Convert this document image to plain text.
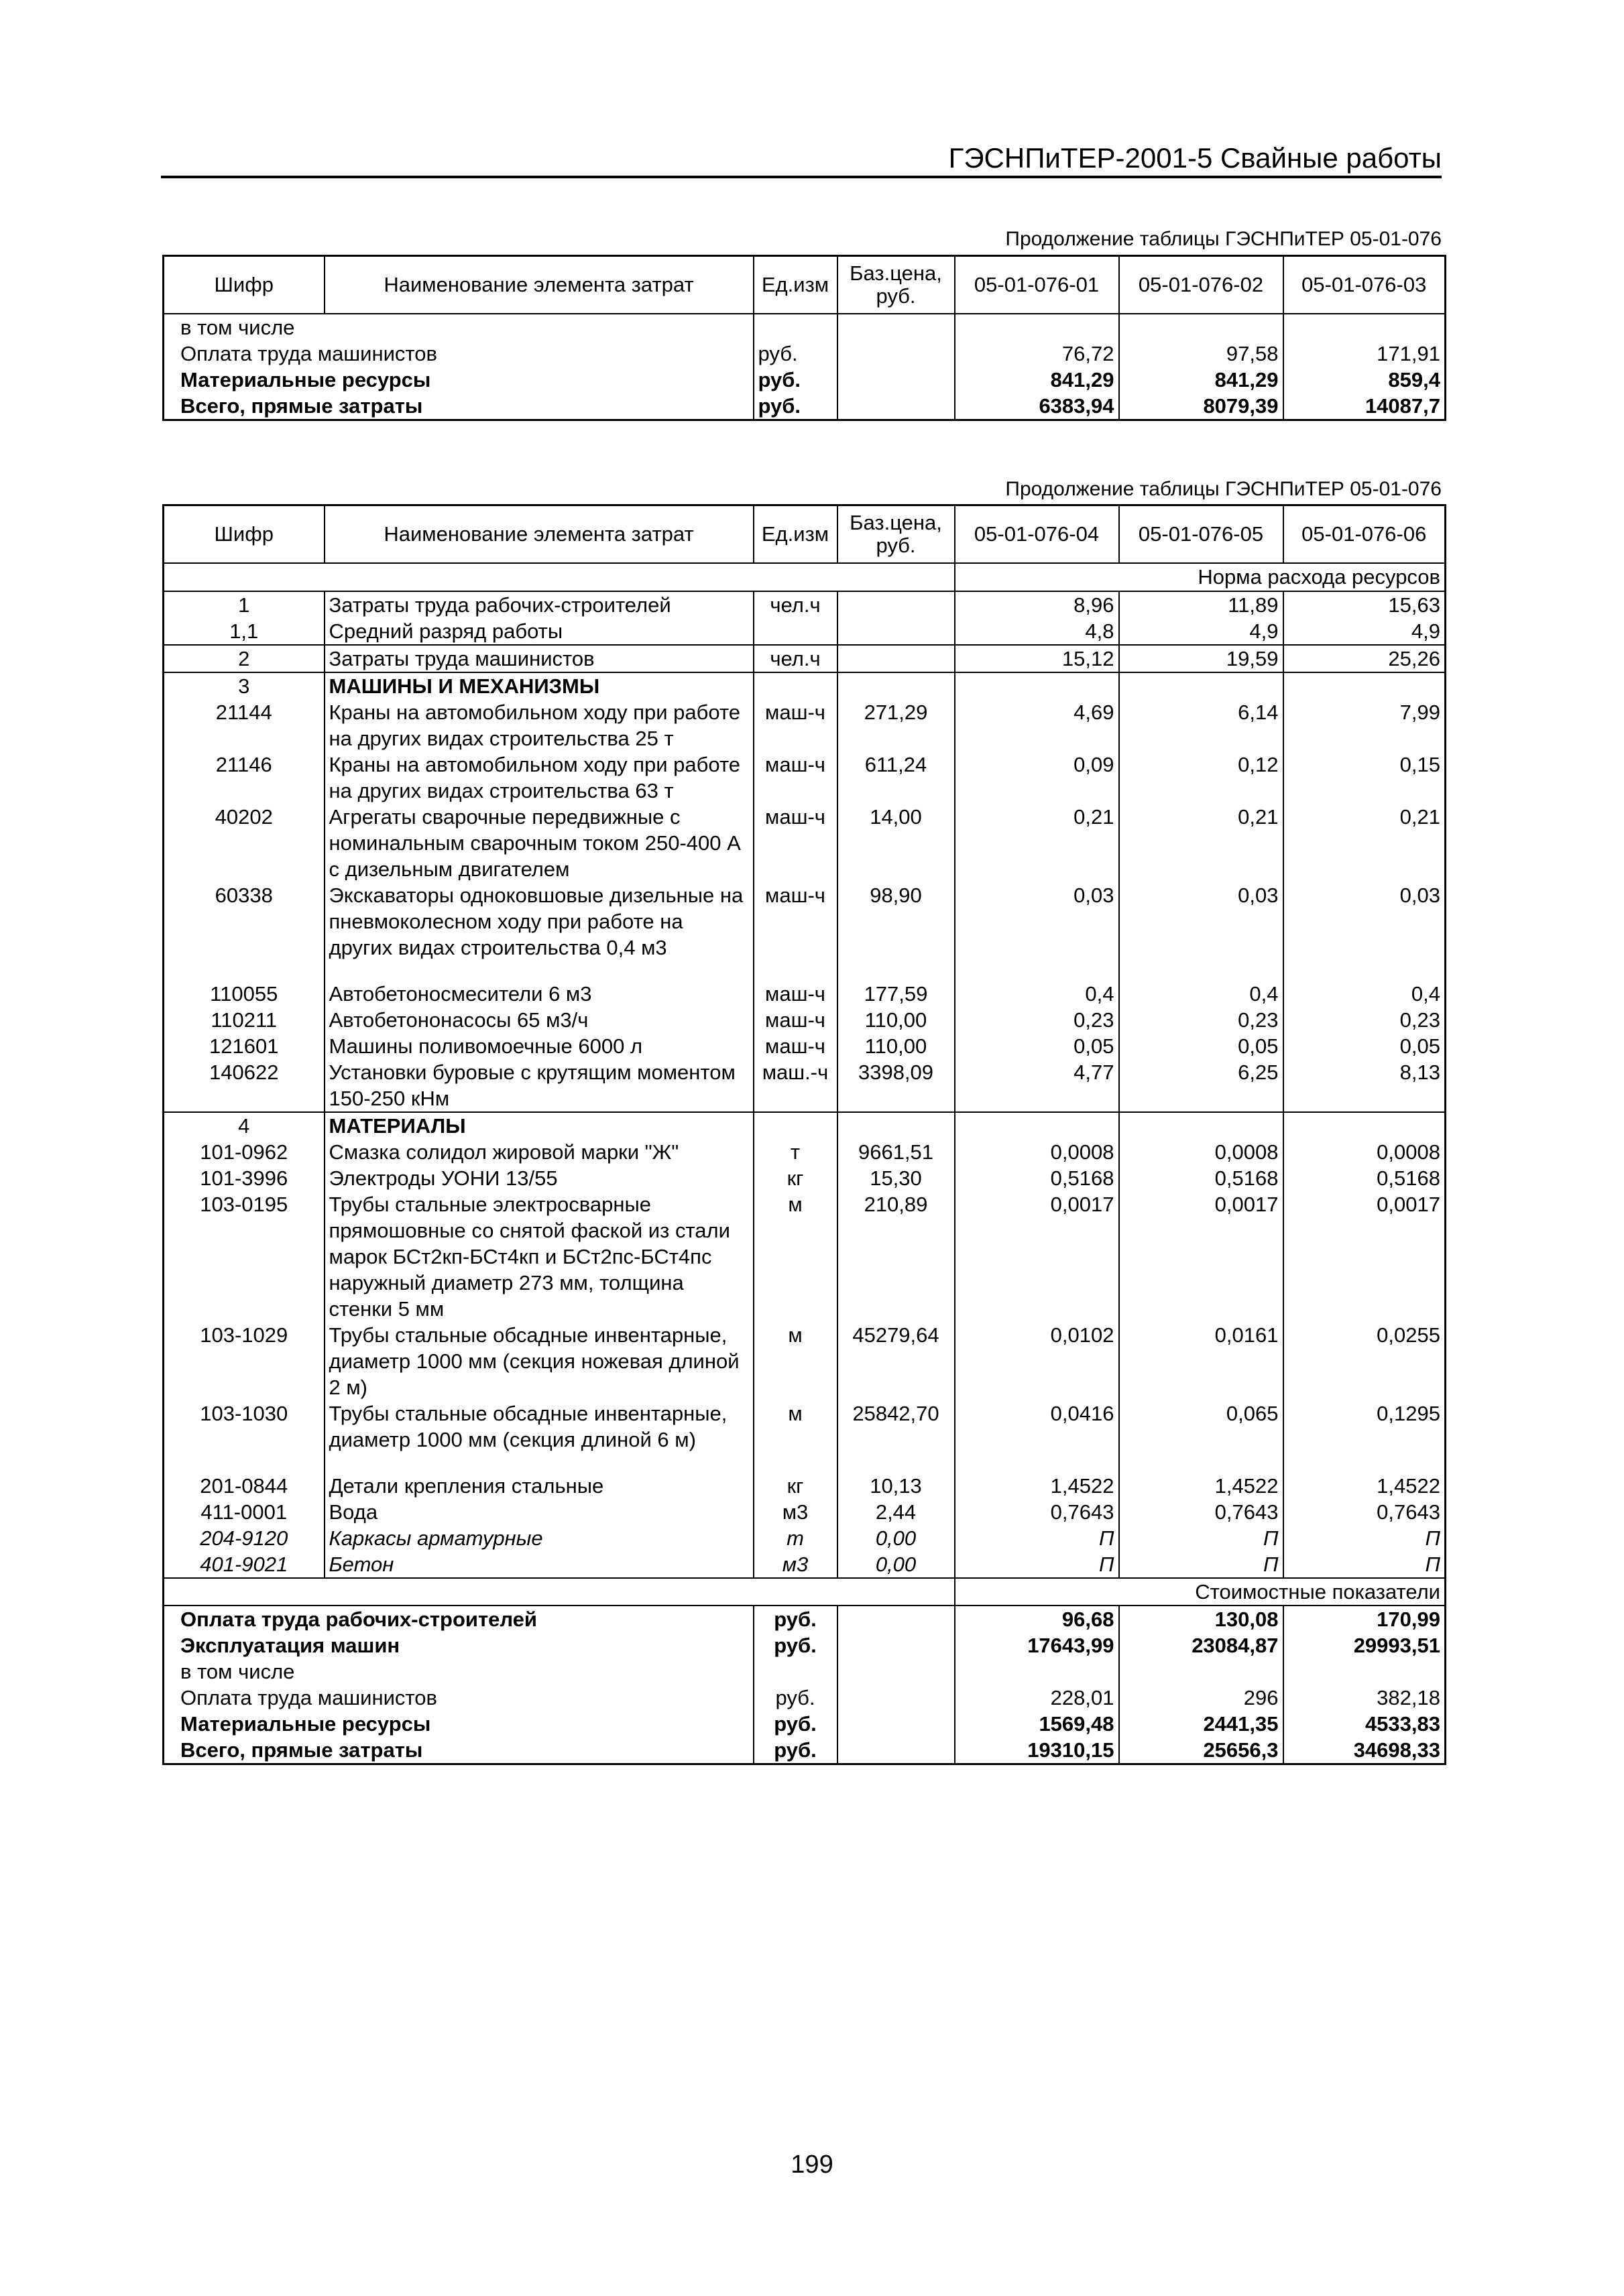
ГЭСНПиТЕР-2001-5 Свайные работы
Продолжение таблицы ГЭСНПиТЕР 05-01-076
Шифр	Наименование элемента затрат	Ед.изм	Баз.цена, руб.	05-01-076-01	05-01-076-02	05-01-076-03
в том числе						
Оплата труда машинистов		руб.		76,72	97,58	171,91
Материальные ресурсы		руб.		841,29	841,29	859,4
Всего, прямые затраты		руб.		6383,94	8079,39	14087,7
Продолжение таблицы ГЭСНПиТЕР 05-01-076
Шифр	Наименование элемента затрат	Ед.изм	Баз.цена, руб.	05-01-076-04	05-01-076-05	05-01-076-06
				Норма расхода ресурсов		
1	Затраты труда рабочих-строителей	чел.ч		8,96	11,89	15,63
1,1	Средний разряд работы			4,8	4,9	4,9
2	Затраты труда машинистов	чел.ч		15,12	19,59	25,26
3	МАШИНЫ И МЕХАНИЗМЫ					
21144	Краны на автомобильном ходу при работе на других видах строительства 25 т	маш-ч	271,29	4,69	6,14	7,99
21146	Краны на автомобильном ходу при работе на других видах строительства 63 т	маш-ч	611,24	0,09	0,12	0,15
40202	Агрегаты сварочные передвижные с номинальным сварочным током 250-400 А с дизельным двигателем	маш-ч	14,00	0,21	0,21	0,21
60338	Экскаваторы одноковшовые дизельные на пневмоколесном ходу при работе на других видах строительства 0,4 м3	маш-ч	98,90	0,03	0,03	0,03
110055	Автобетоносмесители 6 м3	маш-ч	177,59	0,4	0,4	0,4
110211	Автобетононасосы 65 м3/ч	маш-ч	110,00	0,23	0,23	0,23
121601	Машины поливомоечные 6000 л	маш-ч	110,00	0,05	0,05	0,05
140622	Установки буровые с крутящим моментом 150-250 кНм	маш.-ч	3398,09	4,77	6,25	8,13
4	МАТЕРИАЛЫ					
101-0962	Смазка солидол жировой марки "Ж"	т	9661,51	0,0008	0,0008	0,0008
101-3996	Электроды УОНИ 13/55	кг	15,30	0,5168	0,5168	0,5168
103-0195	Трубы стальные электросварные прямошовные со снятой фаской из стали марок БСт2кп-БСт4кп и БСт2пс-БСт4пс наружный диаметр 273 мм, толщина стенки 5 мм	м	210,89	0,0017	0,0017	0,0017
103-1029	Трубы стальные обсадные инвентарные, диаметр 1000 мм (секция ножевая длиной 2 м)	м	45279,64	0,0102	0,0161	0,0255
103-1030	Трубы стальные обсадные инвентарные, диаметр 1000 мм (секция длиной 6 м)	м	25842,70	0,0416	0,065	0,1295
201-0844	Детали крепления стальные	кг	10,13	1,4522	1,4522	1,4522
411-0001	Вода	м3	2,44	0,7643	0,7643	0,7643
204-9120	Каркасы арматурные	т	0,00	П	П	П
401-9021	Бетон	м3	0,00	П	П	П
				Стоимостные показатели		
Оплата труда рабочих-строителей		руб.		96,68	130,08	170,99
Эксплуатация машин		руб.		17643,99	23084,87	29993,51
в том числе						
Оплата труда машинистов		руб.		228,01	296	382,18
Материальные ресурсы		руб.		1569,48	2441,35	4533,83
Всего, прямые затраты		руб.		19310,15	25656,3	34698,33
199
